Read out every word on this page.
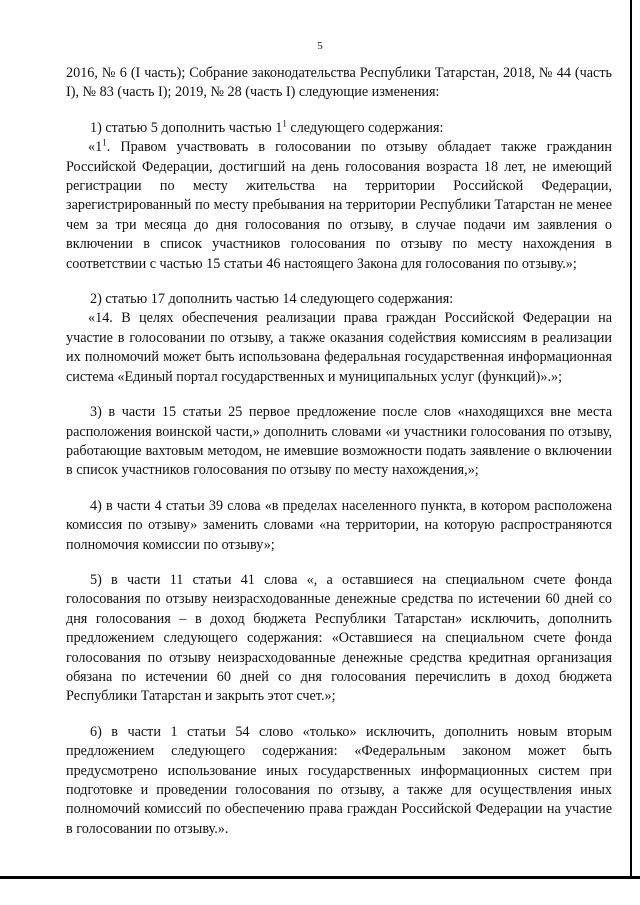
5

2016, № 6 (I часть); Собрание законодательства Республики Татарстан, 2018, № 44 (часть I), № 83 (часть I); 2019, № 28 (часть I) следующие изменения:

1) статью 5 дополнить частью $1^1$ следующего содержания:

«$1^1$. Правом участвовать в голосовании по отзыву обладает также гражданин Российской Федерации, достигший на день голосования возраста 18 лет, не имеющий регистрации по месту жительства на территории Российской Федерации, зарегистрированный по месту пребывания на территории Республики Татарстан не менее чем за три месяца до дня голосования по отзыву, в случае подачи им заявления о включении в список участников голосования по отзыву по месту нахождения в соответствии с частью 15 статьи 46 настоящего Закона для голосования по отзыву.»;

2) статью 17 дополнить частью 14 следующего содержания:

«14. В целях обеспечения реализации права граждан Российской Федерации на участие в голосовании по отзыву, а также оказания содействия комиссиям в реализации их полномочий может быть использована федеральная государственная информационная система «Единый портал государственных и муниципальных услуг (функций)».»;

3) в части 15 статьи 25 первое предложение после слов «находящихся вне места расположения воинской части,» дополнить словами «и участники голосования по отзыву, работающие вахтовым методом, не имевшие возможности подать заявление о включении в список участников голосования по отзыву по месту нахождения,»;

4) в части 4 статьи 39 слова «в пределах населенного пункта, в котором расположена комиссия по отзыву» заменить словами «на территории, на которую распространяются полномочия комиссии по отзыву»;

5) в части 11 статьи 41 слова «, а оставшиеся на специальном счете фонда голосования по отзыву неизрасходованные денежные средства по истечении 60 дней со дня голосования – в доход бюджета Республики Татарстан» исключить, дополнить предложением следующего содержания: «Оставшиеся на специальном счете фонда голосования по отзыву неизрасходованные денежные средства кредитная организация обязана по истечении 60 дней со дня голосования перечислить в доход бюджета Республики Татарстан и закрыть этот счет.»;

6) в части 1 статьи 54 слово «только» исключить, дополнить новым вторым предложением следующего содержания: «Федеральным законом может быть предусмотрено использование иных государственных информационных систем при подготовке и проведении голосования по отзыву, а также для осуществления иных полномочий комиссий по обеспечению права граждан Российской Федерации на участие в голосовании по отзыву.».
